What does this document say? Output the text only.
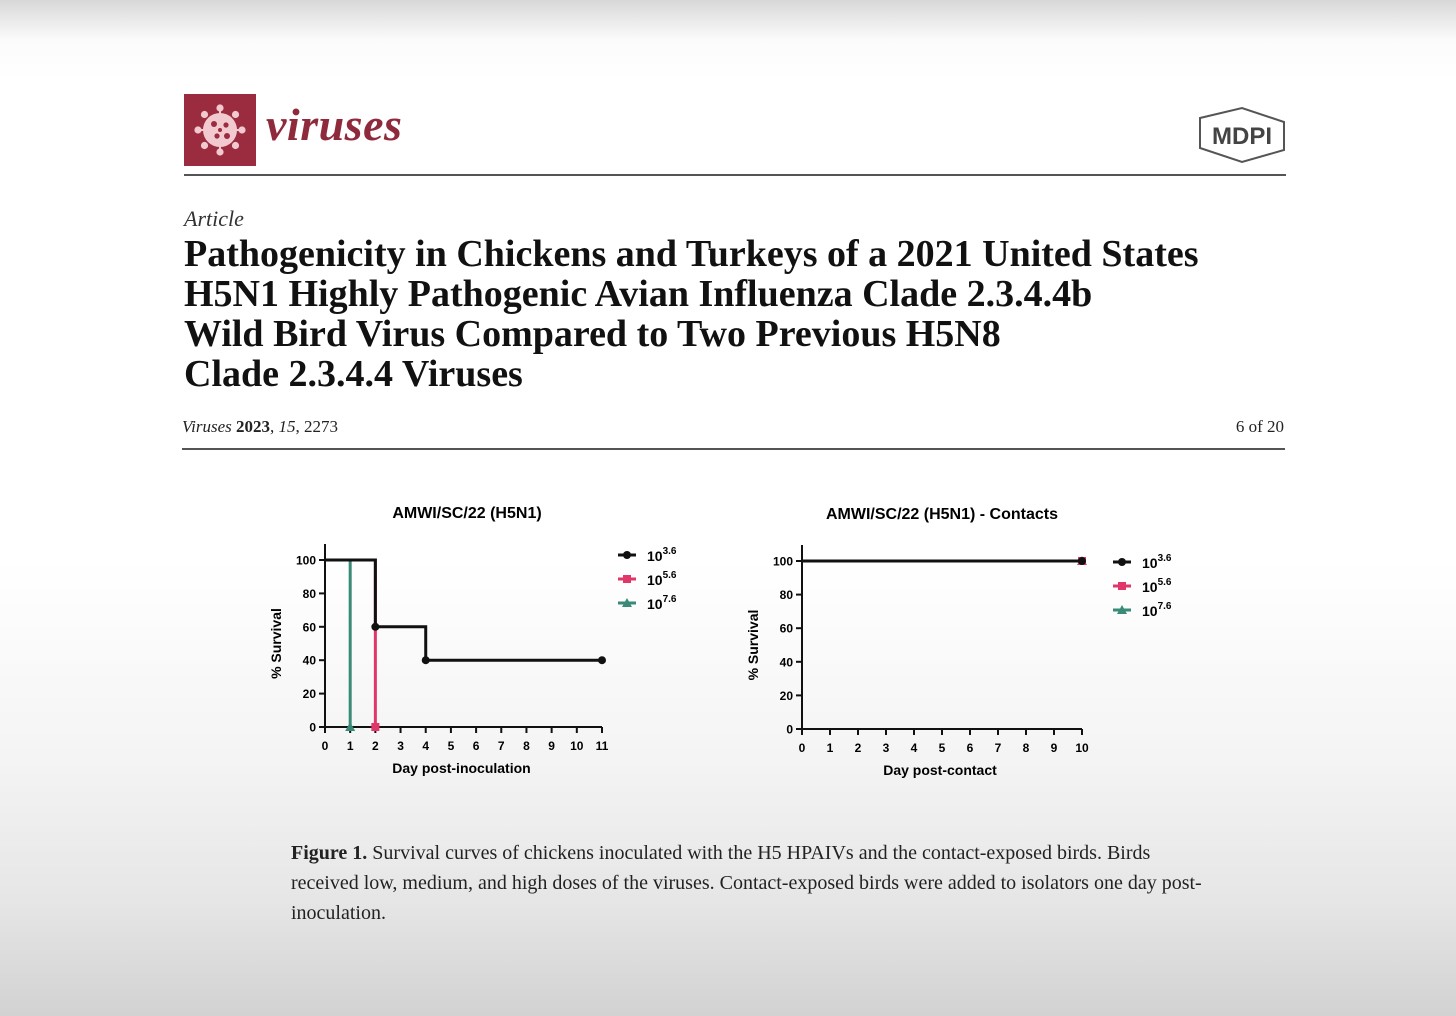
viruses	MDPI
Article
Pathogenicity in Chickens and Turkeys of a 2021 United States
H5N1 Highly Pathogenic Avian Influenza Clade 2.3.4.4b
Wild Bird Virus Compared to Two Previous H5N8
Clade 2.3.4.4 Viruses
Viruses 2023, 15, 2273	6 of 20
AMWI/SC/22 (H5N1)
0
20
40
60
80
100
0 1 2 3 4 5 6 7 8 9 10 11
Day post-inoculation
% Survival
$10^{3.6}$
$10^{5.6}$
$10^{7.6}$
AMWI/SC/22 (H5N1) - Contacts
0
20
40
60
80
100
0 1 2 3 4 5 6 7 8 9 10
Day post-contact
% Survival
$10^{3.6}$
$10^{5.6}$
$10^{7.6}$

Figure 1. Survival curves of chickens inoculated with the H5 HPAIVs and the contact-exposed birds. Birds received low, medium, and high doses of the viruses. Contact-exposed birds were added to isolators one day post-inoculation.
